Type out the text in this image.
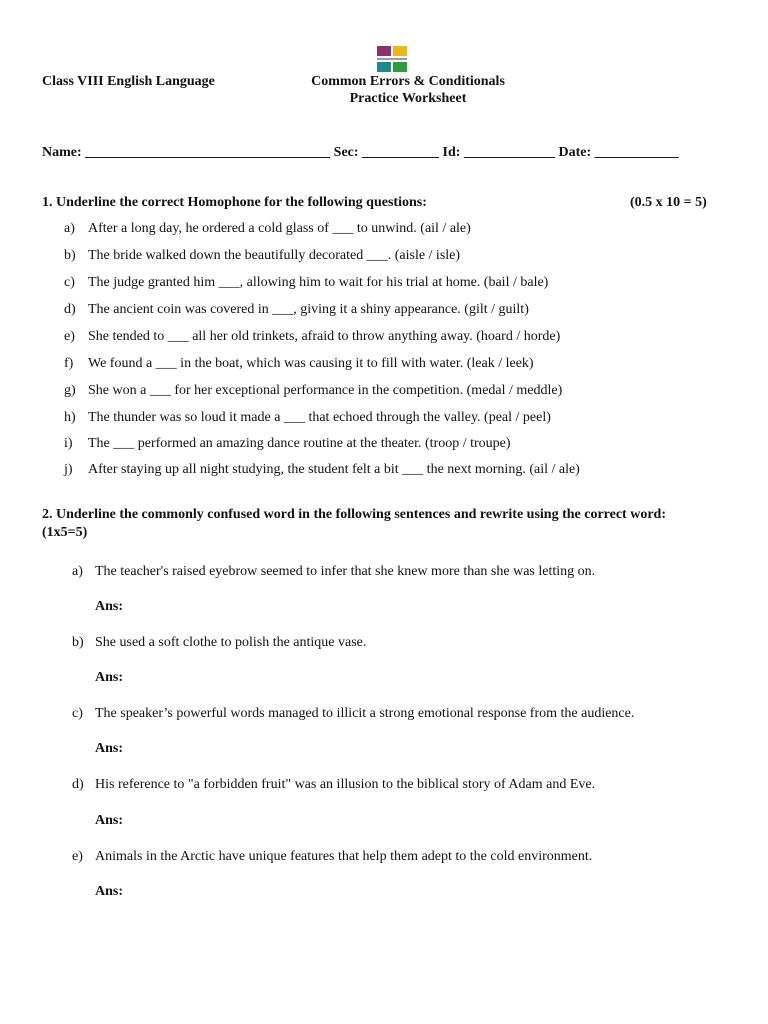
Class VIII English Language	Common Errors & Conditionals
Practice Worksheet
Name: ___________________________________ Sec: ___________ Id: _____________ Date: ____________
1. Underline the correct Homophone for the following questions:	(0.5 x 10 = 5)
a) After a long day, he ordered a cold glass of ___ to unwind. (ail / ale)
b) The bride walked down the beautifully decorated ___. (aisle / isle)
c) The judge granted him ___, allowing him to wait for his trial at home. (bail / bale)
d) The ancient coin was covered in ___, giving it a shiny appearance. (gilt / guilt)
e) She tended to ___ all her old trinkets, afraid to throw anything away. (hoard / horde)
f) We found a ___ in the boat, which was causing it to fill with water. (leak / leek)
g) She won a ___ for her exceptional performance in the competition. (medal / meddle)
h) The thunder was so loud it made a ___ that echoed through the valley. (peal / peel)
i) The ___ performed an amazing dance routine at the theater. (troop / troupe)
j) After staying up all night studying, the student felt a bit ___ the next morning. (ail / ale)
2. Underline the commonly confused word in the following sentences and rewrite using the correct word:
(1x5=5)
a) The teacher's raised eyebrow seemed to infer that she knew more than she was letting on.
Ans:
b) She used a soft clothe to polish the antique vase.
Ans:
c) The speaker’s powerful words managed to illicit a strong emotional response from the audience.
Ans:
d) His reference to "a forbidden fruit" was an illusion to the biblical story of Adam and Eve.
Ans:
e) Animals in the Arctic have unique features that help them adept to the cold environment.
Ans:
